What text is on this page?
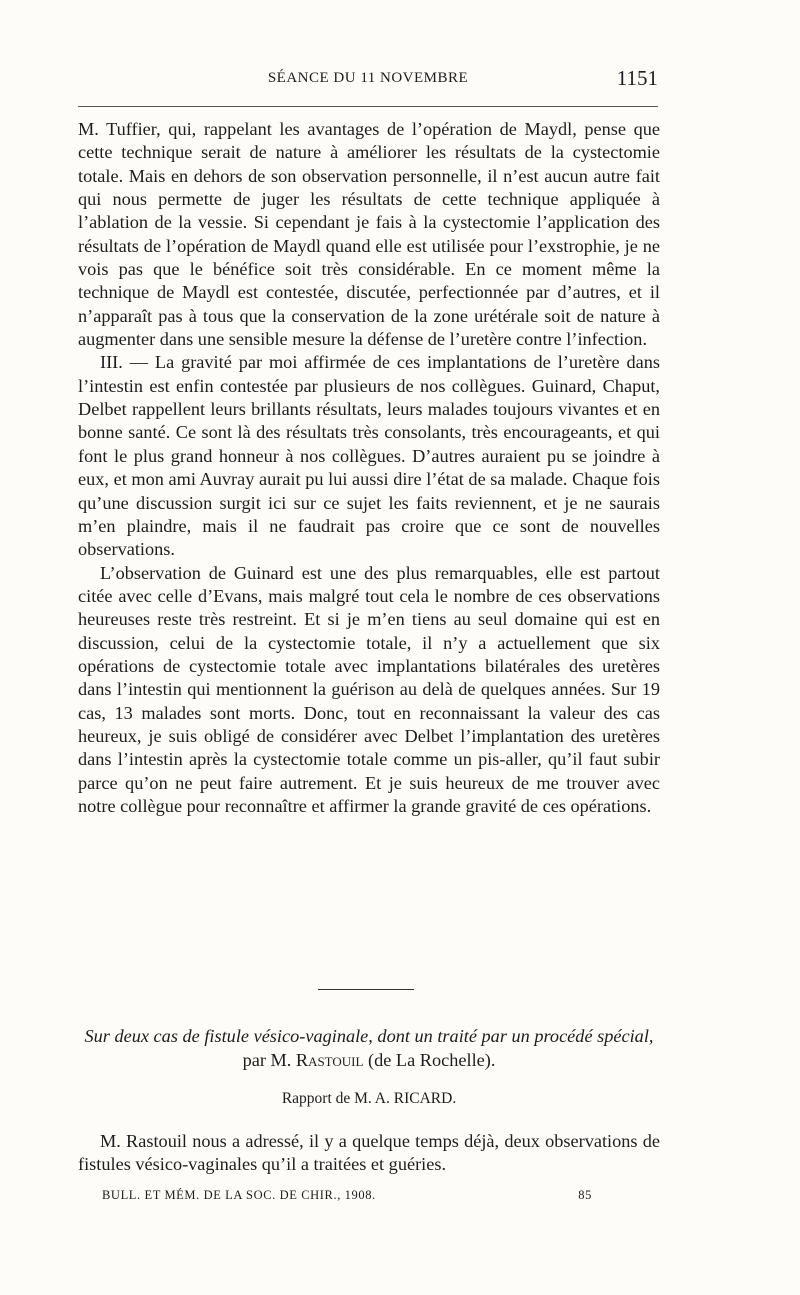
SÉANCE DU 11 NOVEMBRE	1151

M. Tuffier, qui, rappelant les avantages de l’opération de Maydl, pense que cette technique serait de nature à améliorer les résultats de la cystectomie totale. Mais en dehors de son observation personnelle, il n’est aucun autre fait qui nous permette de juger les résultats de cette technique appliquée à l’ablation de la vessie. Si cependant je fais à la cystectomie l’application des résultats de l’opération de Maydl quand elle est utilisée pour l’exstrophie, je ne vois pas que le bénéfice soit très considérable. En ce moment même la technique de Maydl est contestée, discutée, perfectionnée par d’autres, et il n’apparaît pas à tous que la conservation de la zone urétérale soit de nature à augmenter dans une sensible mesure la défense de l’uretère contre l’infection.

III. — La gravité par moi affirmée de ces implantations de l’uretère dans l’intestin est enfin contestée par plusieurs de nos collègues. Guinard, Chaput, Delbet rappellent leurs brillants résultats, leurs malades toujours vivantes et en bonne santé. Ce sont là des résultats très consolants, très encourageants, et qui font le plus grand honneur à nos collègues. D’autres auraient pu se joindre à eux, et mon ami Auvray aurait pu lui aussi dire l’état de sa malade. Chaque fois qu’une discussion surgit ici sur ce sujet les faits reviennent, et je ne saurais m’en plaindre, mais il ne faudrait pas croire que ce sont de nouvelles observations.

L’observation de Guinard est une des plus remarquables, elle est partout citée avec celle d’Evans, mais malgré tout cela le nombre de ces observations heureuses reste très restreint. Et si je m’en tiens au seul domaine qui est en discussion, celui de la cystectomie totale, il n’y a actuellement que six opérations de cystectomie totale avec implantations bilatérales des uretères dans l’intestin qui mentionnent la guérison au delà de quelques années. Sur 19 cas, 13 malades sont morts. Donc, tout en reconnaissant la valeur des cas heureux, je suis obligé de considérer avec Delbet l’implantation des uretères dans l’intestin après la cystectomie totale comme un pis-aller, qu’il faut subir parce qu’on ne peut faire autrement. Et je suis heureux de me trouver avec notre collègue pour reconnaître et affirmer la grande gravité de ces opérations.

Sur deux cas de fistule vésico-vaginale, dont un traité par un procédé spécial, par M. Rastouil (de La Rochelle).
Rapport de M. A. RICARD.

M. Rastouil nous a adressé, il y a quelque temps déjà, deux observations de fistules vésico-vaginales qu’il a traitées et guéries.

BULL. ET MÉM. DE LA SOC. DE CHIR., 1908.	85
